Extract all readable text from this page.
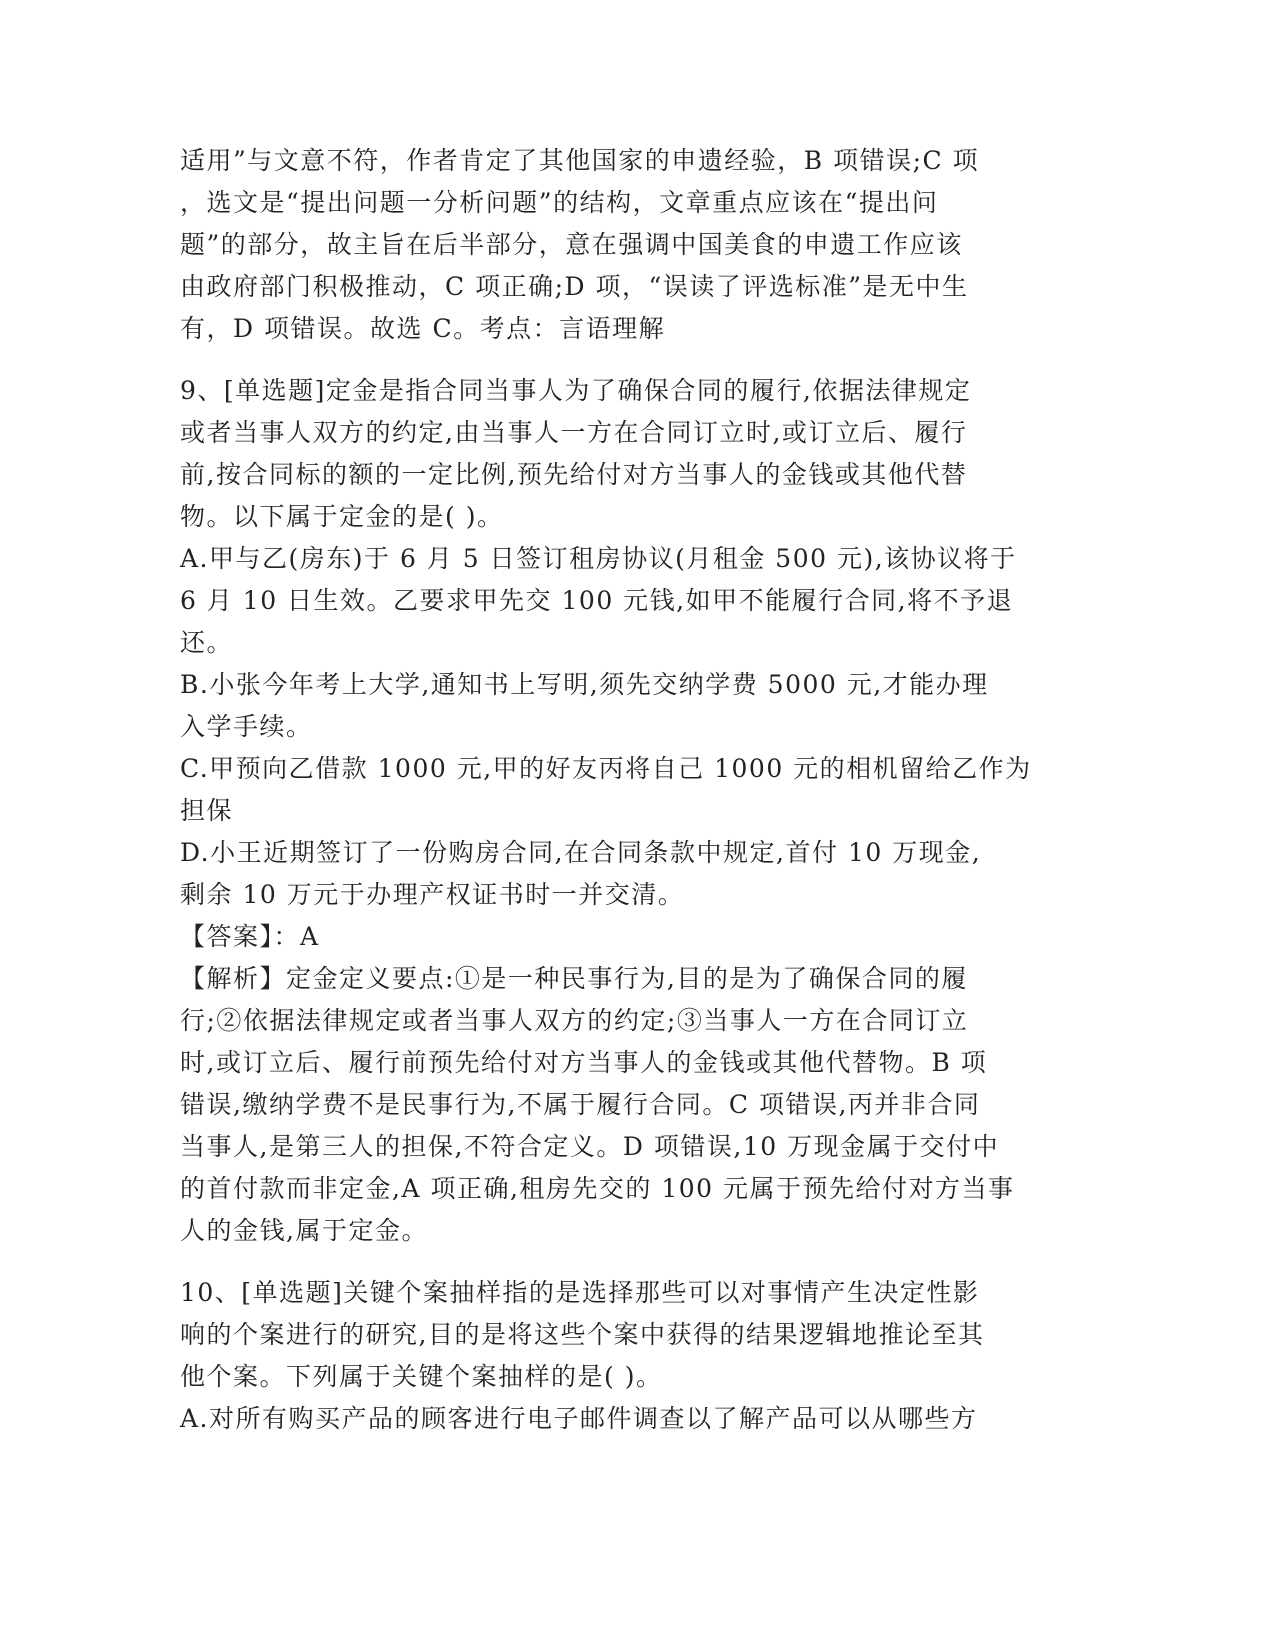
适用”与文意不符，作者肯定了其他国家的申遗经验，B 项错误;C 项
，选文是“提出问题一分析问题”的结构，文章重点应该在“提出问
题”的部分，故主旨在后半部分，意在强调中国美食的申遗工作应该
由政府部门积极推动，C 项正确;D 项，“误读了评选标准”是无中生
有，D 项错误。故选 C。考点：言语理解
9、[单选题]定金是指合同当事人为了确保合同的履行,依据法律规定
或者当事人双方的约定,由当事人一方在合同订立时,或订立后、履行
前,按合同标的额的一定比例,预先给付对方当事人的金钱或其他代替
物。以下属于定金的是( )。
A.甲与乙(房东)于 6 月 5 日签订租房协议(月租金 500 元),该协议将于
6 月 10 日生效。乙要求甲先交 100 元钱,如甲不能履行合同,将不予退
还。
B.小张今年考上大学,通知书上写明,须先交纳学费 5000 元,才能办理
入学手续。
C.甲预向乙借款 1000 元,甲的好友丙将自己 1000 元的相机留给乙作为
担保
D.小王近期签订了一份购房合同,在合同条款中规定,首付 10 万现金,
剩余 10 万元于办理产权证书时一并交清。
【答案】：A
【解析】定金定义要点:①是一种民事行为,目的是为了确保合同的履
行;②依据法律规定或者当事人双方的约定;③当事人一方在合同订立
时,或订立后、履行前预先给付对方当事人的金钱或其他代替物。B 项
错误,缴纳学费不是民事行为,不属于履行合同。C 项错误,丙并非合同
当事人,是第三人的担保,不符合定义。D 项错误,10 万现金属于交付中
的首付款而非定金,A 项正确,租房先交的 100 元属于预先给付对方当事
人的金钱,属于定金。
10、[单选题]关键个案抽样指的是选择那些可以对事情产生决定性影
响的个案进行的研究,目的是将这些个案中获得的结果逻辑地推论至其
他个案。下列属于关键个案抽样的是( )。
A.对所有购买产品的顾客进行电子邮件调查以了解产品可以从哪些方
